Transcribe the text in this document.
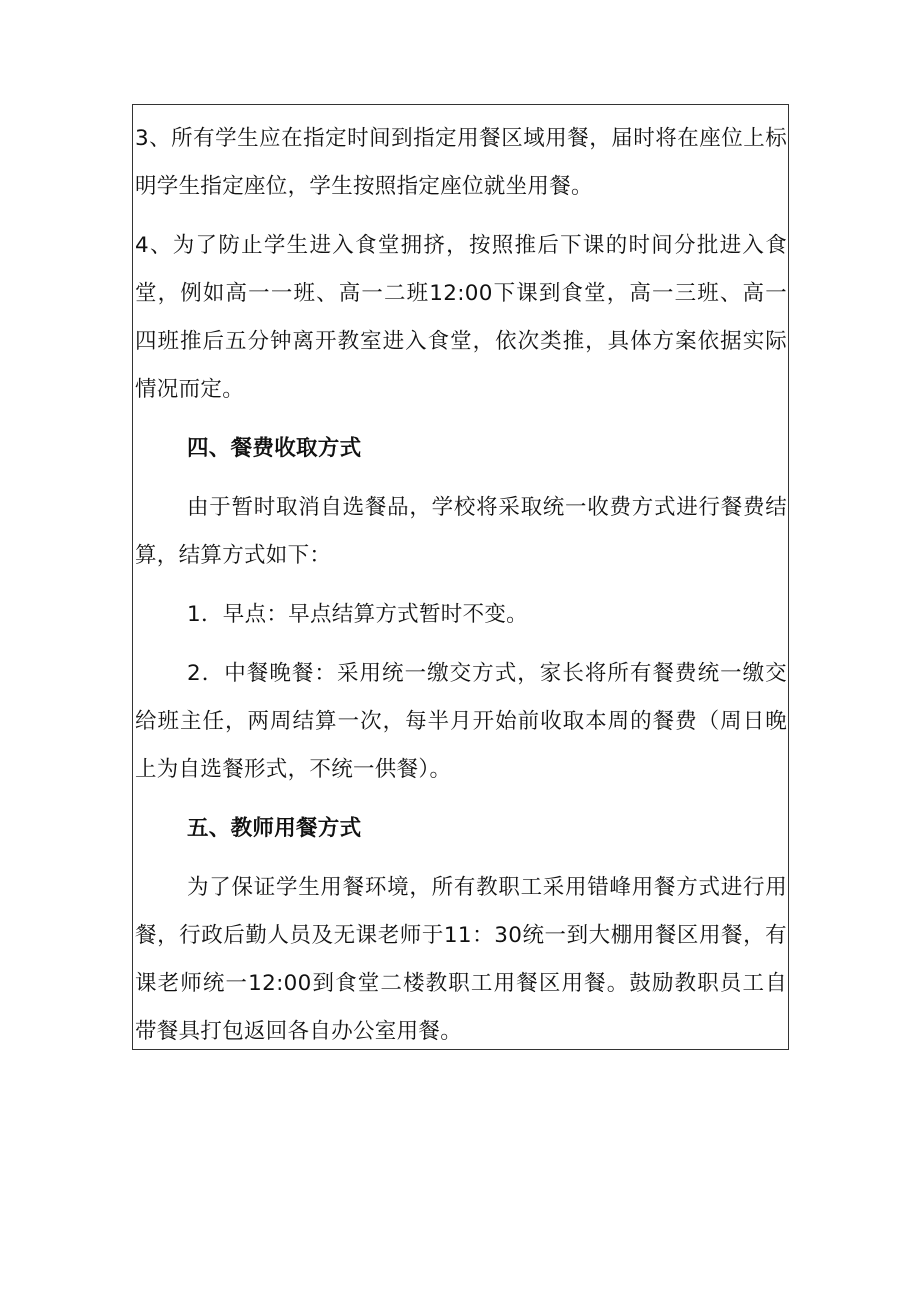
3、所有学生应在指定时间到指定用餐区域用餐，届时将在座位上标明学生指定座位，学生按照指定座位就坐用餐。

4、为了防止学生进入食堂拥挤，按照推后下课的时间分批进入食堂，例如高一一班、高一二班12:00下课到食堂，高一三班、高一四班推后五分钟离开教室进入食堂，依次类推，具体方案依据实际情况而定。

四、餐费收取方式

由于暂时取消自选餐品，学校将采取统一收费方式进行餐费结算，结算方式如下：

1．早点：早点结算方式暂时不变。

2．中餐晚餐：采用统一缴交方式，家长将所有餐费统一缴交给班主任，两周结算一次，每半月开始前收取本周的餐费（周日晚上为自选餐形式，不统一供餐）。

五、教师用餐方式

为了保证学生用餐环境，所有教职工采用错峰用餐方式进行用餐，行政后勤人员及无课老师于11：30统一到大棚用餐区用餐，有课老师统一12:00到食堂二楼教职工用餐区用餐。鼓励教职员工自带餐具打包返回各自办公室用餐。
